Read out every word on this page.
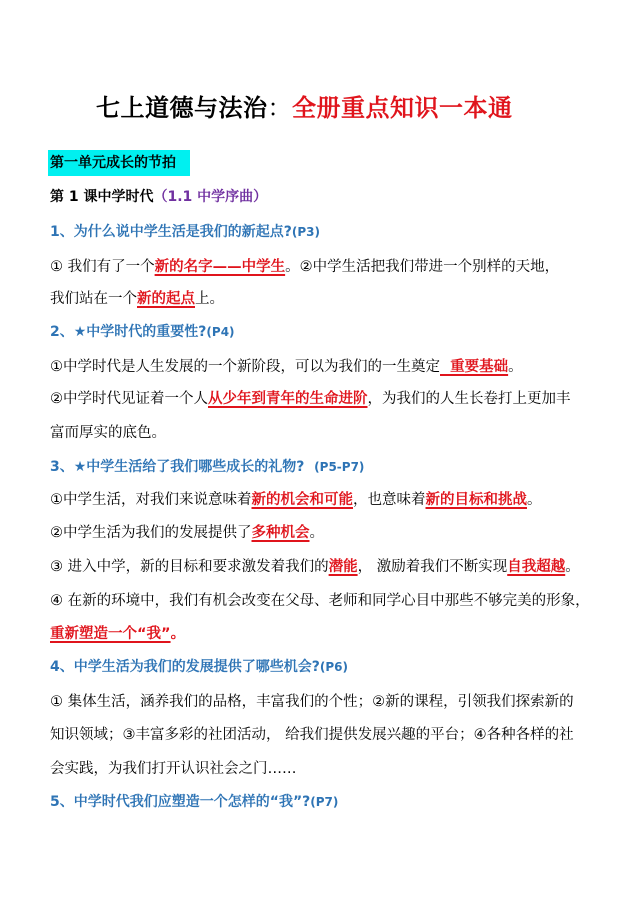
七上道德与法治：全册重点知识一本通
第一单元成长的节拍
第 1 课中学时代（1.1 中学序曲）
1、为什么说中学生活是我们的新起点?(P3)
① 我们有了一个新的名字——中学生。②中学生活把我们带进一个别样的天地，
我们站在一个新的起点上。
2、★中学时代的重要性?(P4)
①中学时代是人生发展的一个新阶段，可以为我们的一生奠定  重要基础。
②中学时代见证着一个人从少年到青年的生命进阶，为我们的人生长卷打上更加丰
富而厚实的底色。
3、★中学生活给了我们哪些成长的礼物? (P5-P7)
①中学生活，对我们来说意味着新的机会和可能，也意味着新的目标和挑战。
②中学生活为我们的发展提供了多种机会。
③ 进入中学，新的目标和要求激发着我们的潜能， 激励着我们不断实现自我超越。
④ 在新的环境中，我们有机会改变在父母、老师和同学心目中那些不够完美的形象，
重新塑造一个“我”。
4、中学生活为我们的发展提供了哪些机会?(P6)
① 集体生活，涵养我们的品格，丰富我们的个性；②新的课程，引领我们探索新的
知识领域；③丰富多彩的社团活动， 给我们提供发展兴趣的平台；④各种各样的社
会实践，为我们打开认识社会之门……
5、中学时代我们应塑造一个怎样的“我”?(P7)
